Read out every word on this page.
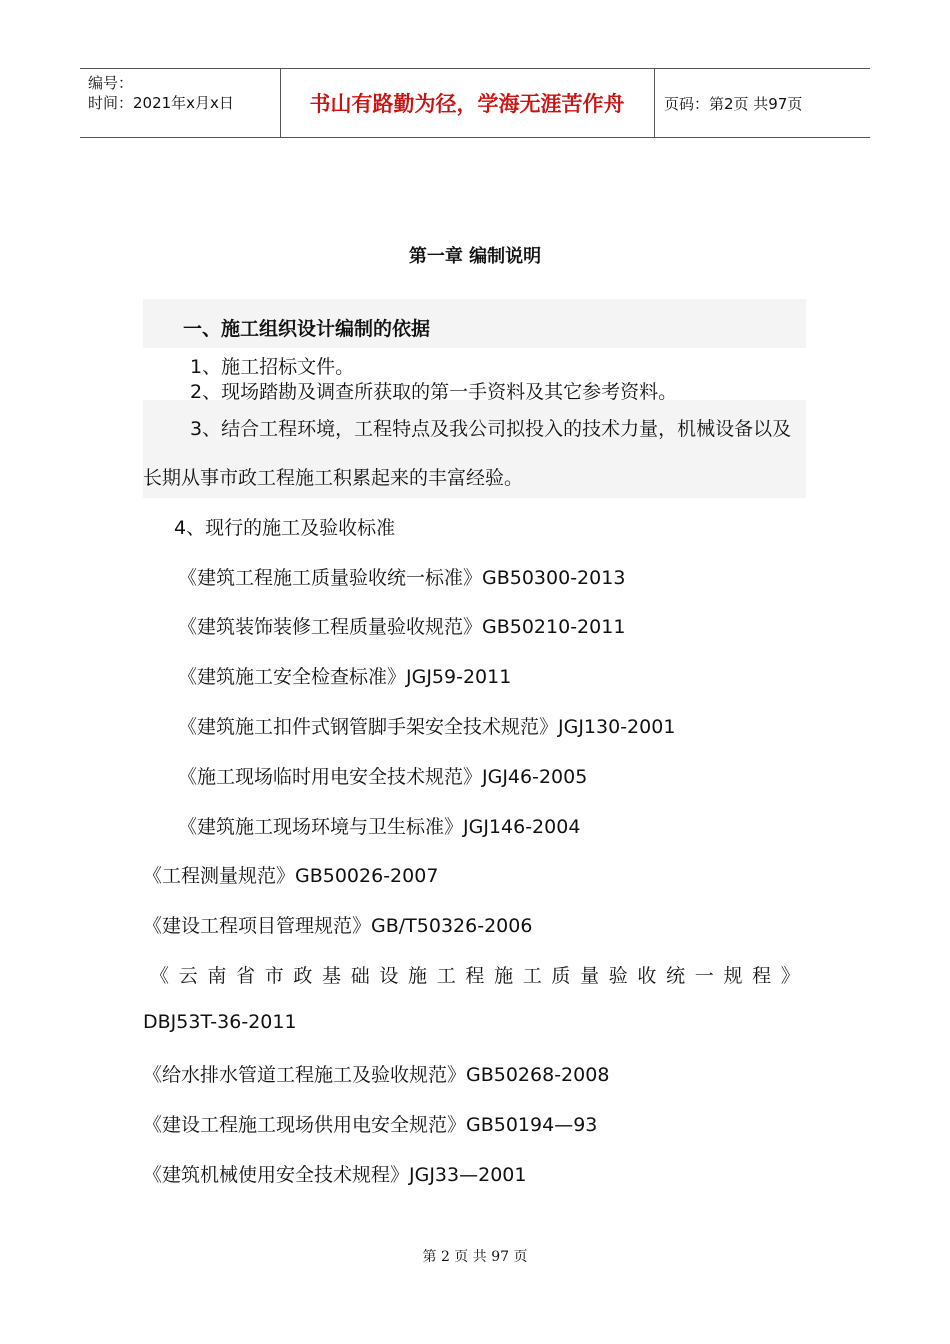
编号：
时间：2021年x月x日	书山有路勤为径，学海无涯苦作舟	页码：第2页 共97页
第一章 编制说明
一、施工组织设计编制的依据
1、施工招标文件。
2、现场踏勘及调查所获取的第一手资料及其它参考资料。
3、结合工程环境，工程特点及我公司拟投入的技术力量，机械设备以及
长期从事市政工程施工积累起来的丰富经验。
4、现行的施工及验收标准
《建筑工程施工质量验收统一标准》GB50300-2013
《建筑装饰装修工程质量验收规范》GB50210-2011
《建筑施工安全检查标准》JGJ59-2011
《建筑施工扣件式钢管脚手架安全技术规范》JGJ130-2001
《施工现场临时用电安全技术规范》JGJ46-2005
《建筑施工现场环境与卫生标准》JGJ146-2004
《工程测量规范》GB50026-2007
《建设工程项目管理规范》GB/T50326-2006
《 云 南 省 市 政 基 础 设 施 工 程 施 工 质 量 验 收 统 一 规 程 》
DBJ53T-36-2011
《给水排水管道工程施工及验收规范》GB50268-2008
《建设工程施工现场供用电安全规范》GB50194—93
《建筑机械使用安全技术规程》JGJ33—2001
第 2 页 共 97 页
